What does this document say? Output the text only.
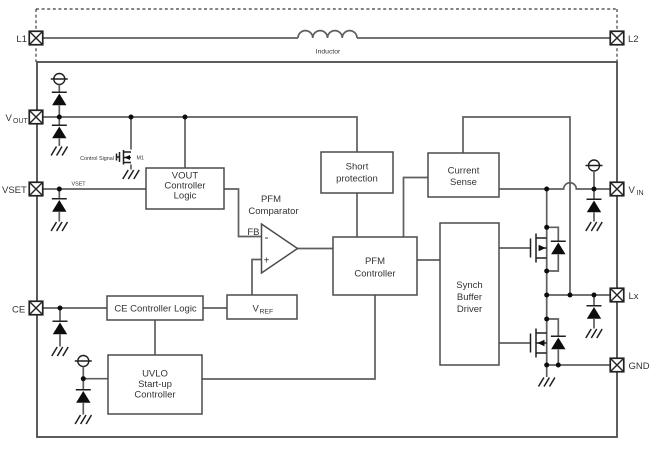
L1	L2
V OUT
VSET
CE
V IN
Lx
GND
VOUT
Controller
Logic
Short
protection
Current
Sense
PFM
Controller
Synch
Buffer
Driver
CE Controller Logic
UVLO
Start-up
Controller
V REF
PFM
Comparator
FB -
+
Inductor
VSET
Control Signal	M1
